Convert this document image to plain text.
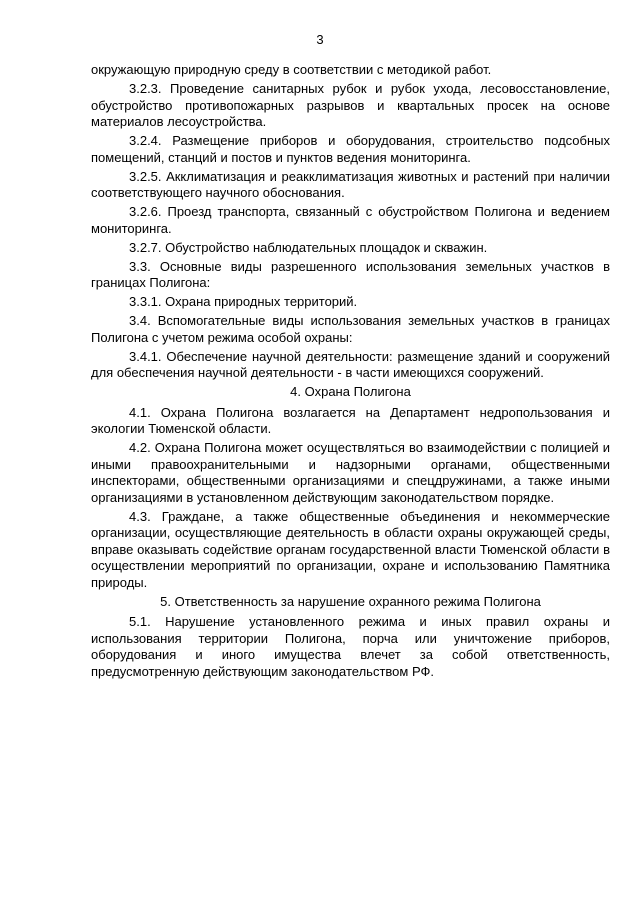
3

окружающую природную среду в соответствии с методикой работ.

3.2.3. Проведение санитарных рубок и рубок ухода, лесовосстановление, обустройство противопожарных разрывов и квартальных просек на основе материалов лесоустройства.

3.2.4. Размещение приборов и оборудования, строительство подсобных помещений, станций и постов и пунктов ведения мониторинга.

3.2.5. Акклиматизация и реакклиматизация животных и растений при наличии соответствующего научного обоснования.

3.2.6. Проезд транспорта, связанный с обустройством Полигона и ведением мониторинга.

3.2.7. Обустройство наблюдательных площадок и скважин.

3.3. Основные виды разрешенного использования земельных участков в границах Полигона:

3.3.1. Охрана природных территорий.

3.4. Вспомогательные виды использования земельных участков в границах Полигона с учетом режима особой охраны:

3.4.1. Обеспечение научной деятельности: размещение зданий и сооружений для обеспечения научной деятельности - в части имеющихся сооружений.

4. Охрана Полигона

4.1. Охрана Полигона возлагается на Департамент недропользования и экологии Тюменской области.

4.2. Охрана Полигона может осуществляться во взаимодействии с полицией и иными правоохранительными и надзорными органами, общественными инспекторами, общественными организациями и спецдружинами, а также иными организациями в установленном действующим законодательством порядке.

4.3. Граждане, а также общественные объединения и некоммерческие организации, осуществляющие деятельность в области охраны окружающей среды, вправе оказывать содействие органам государственной власти Тюменской области в осуществлении мероприятий по организации, охране и использованию Памятника природы.

5. Ответственность за нарушение охранного режима Полигона

5.1. Нарушение установленного режима и иных правил охраны и использования территории Полигона, порча или уничтожение приборов, оборудования и иного имущества влечет за собой ответственность, предусмотренную действующим законодательством РФ.
